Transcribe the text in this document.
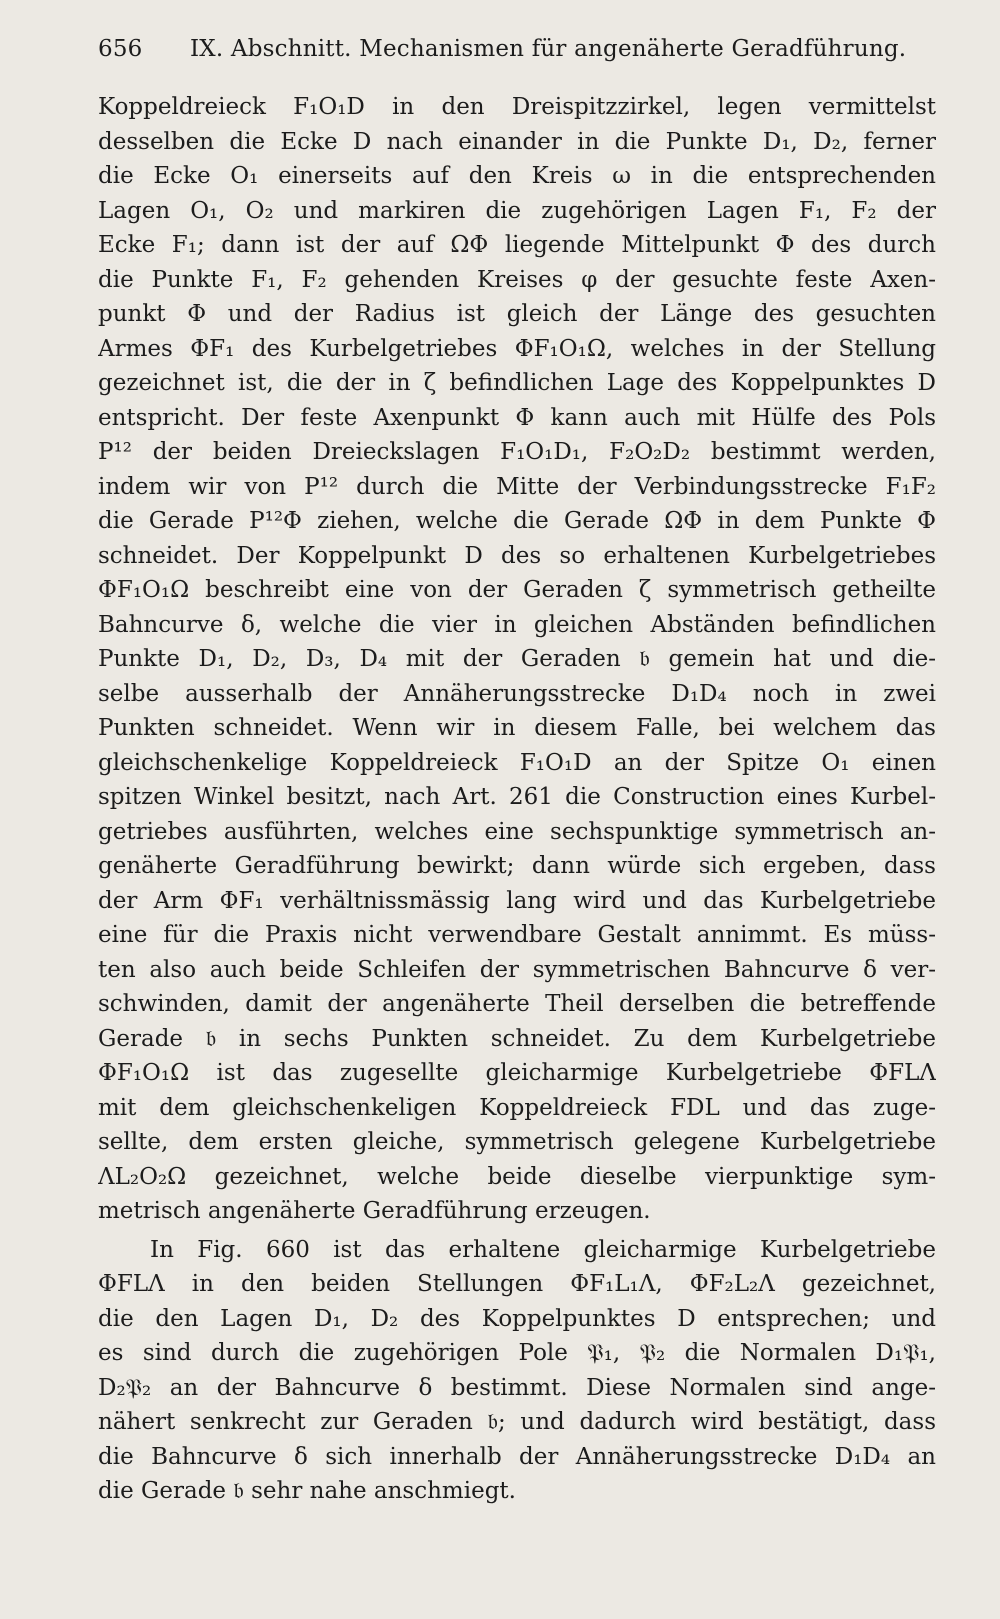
656 IX. Abschnitt. Mechanismen für angenäherte Geradführung.
Koppeldreieck F₁O₁D in den Dreispitzzirkel, legen vermittelst
desselben die Ecke D nach einander in die Punkte D₁, D₂, ferner
die Ecke O₁ einerseits auf den Kreis ω in die entsprechenden
Lagen O₁, O₂ und markiren die zugehörigen Lagen F₁, F₂ der
Ecke F₁; dann ist der auf ΩΦ liegende Mittelpunkt Φ des durch
die Punkte F₁, F₂ gehenden Kreises φ der gesuchte feste Axen-
punkt Φ und der Radius ist gleich der Länge des gesuchten
Armes ΦF₁ des Kurbelgetriebes ΦF₁O₁Ω, welches in der Stellung
gezeichnet ist, die der in ζ befindlichen Lage des Koppelpunktes D
entspricht. Der feste Axenpunkt Φ kann auch mit Hülfe des Pols
P¹² der beiden Dreieckslagen F₁O₁D₁, F₂O₂D₂ bestimmt werden,
indem wir von P¹² durch die Mitte der Verbindungsstrecke F₁F₂
die Gerade P¹²Φ ziehen, welche die Gerade ΩΦ in dem Punkte Φ
schneidet. Der Koppelpunkt D des so erhaltenen Kurbelgetriebes
ΦF₁O₁Ω beschreibt eine von der Geraden ζ symmetrisch getheilte
Bahncurve δ, welche die vier in gleichen Abständen befindlichen
Punkte D₁, D₂, D₃, D₄ mit der Geraden 𝔟 gemein hat und die-
selbe ausserhalb der Annäherungsstrecke D₁D₄ noch in zwei
Punkten schneidet. Wenn wir in diesem Falle, bei welchem das
gleichschenkelige Koppeldreieck F₁O₁D an der Spitze O₁ einen
spitzen Winkel besitzt, nach Art. 261 die Construction eines Kurbel-
getriebes ausführten, welches eine sechspunktige symmetrisch an-
genäherte Geradführung bewirkt; dann würde sich ergeben, dass
der Arm ΦF₁ verhältnissmässig lang wird und das Kurbelgetriebe
eine für die Praxis nicht verwendbare Gestalt annimmt. Es müss-
ten also auch beide Schleifen der symmetrischen Bahncurve δ ver-
schwinden, damit der angenäherte Theil derselben die betreffende
Gerade 𝔟 in sechs Punkten schneidet. Zu dem Kurbelgetriebe
ΦF₁O₁Ω ist das zugesellte gleicharmige Kurbelgetriebe ΦFLΛ
mit dem gleichschenkeligen Koppeldreieck FDL und das zuge-
sellte, dem ersten gleiche, symmetrisch gelegene Kurbelgetriebe
ΛL₂O₂Ω gezeichnet, welche beide dieselbe vierpunktige sym-
metrisch angenäherte Geradführung erzeugen.
In Fig. 660 ist das erhaltene gleicharmige Kurbelgetriebe
ΦFLΛ in den beiden Stellungen ΦF₁L₁Λ, ΦF₂L₂Λ gezeichnet,
die den Lagen D₁, D₂ des Koppelpunktes D entsprechen; und
es sind durch die zugehörigen Pole 𝔓₁, 𝔓₂ die Normalen D₁𝔓₁,
D₂𝔓₂ an der Bahncurve δ bestimmt. Diese Normalen sind ange-
nähert senkrecht zur Geraden 𝔟; und dadurch wird bestätigt, dass
die Bahncurve δ sich innerhalb der Annäherungsstrecke D₁D₄ an
die Gerade 𝔟 sehr nahe anschmiegt.
